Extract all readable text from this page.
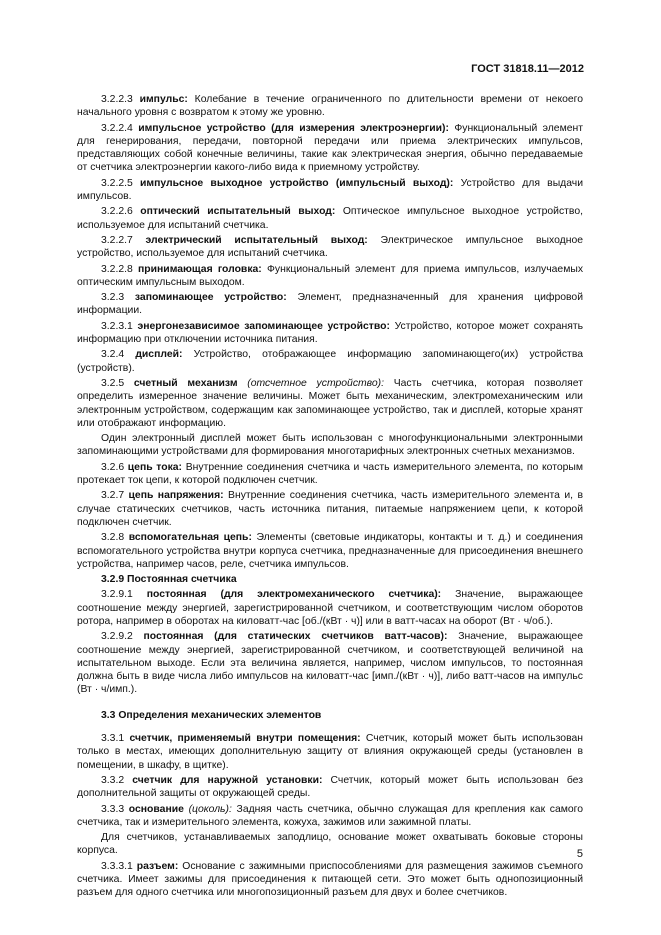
ГОСТ 31818.11—2012

3.2.2.3 импульс: Колебание в течение ограниченного по длительности времени от некоего начального уровня с возвратом к этому же уровню.

3.2.2.4 импульсное устройство (для измерения электроэнергии): Функциональный элемент для генерирования, передачи, повторной передачи или приема электрических импульсов, представляющих собой конечные величины, такие как электрическая энергия, обычно передаваемые от счетчика электроэнергии какого-либо вида к приемному устройству.

3.2.2.5 импульсное выходное устройство (импульсный выход): Устройство для выдачи импульсов.

3.2.2.6 оптический испытательный выход: Оптическое импульсное выходное устройство, используемое для испытаний счетчика.

3.2.2.7 электрический испытательный выход: Электрическое импульсное выходное устройство, используемое для испытаний счетчика.

3.2.2.8 принимающая головка: Функциональный элемент для приема импульсов, излучаемых оптическим импульсным выходом.

3.2.3 запоминающее устройство: Элемент, предназначенный для хранения цифровой информации.

3.2.3.1 энергонезависимое запоминающее устройство: Устройство, которое может сохранять информацию при отключении источника питания.

3.2.4 дисплей: Устройство, отображающее информацию запоминающего(их) устройства (устройств).

3.2.5 счетный механизм (отсчетное устройство): Часть счетчика, которая позволяет определить измеренное значение величины. Может быть механическим, электромеханическим или электронным устройством, содержащим как запоминающее устройство, так и дисплей, которые хранят или отображают информацию.

Один электронный дисплей может быть использован с многофункциональными электронными запоминающими устройствами для формирования многотарифных электронных счетных механизмов.

3.2.6 цепь тока: Внутренние соединения счетчика и часть измерительного элемента, по которым протекает ток цепи, к которой подключен счетчик.

3.2.7 цепь напряжения: Внутренние соединения счетчика, часть измерительного элемента и, в случае статических счетчиков, часть источника питания, питаемые напряжением цепи, к которой подключен счетчик.

3.2.8 вспомогательная цепь: Элементы (световые индикаторы, контакты и т. д.) и соединения вспомогательного устройства внутри корпуса счетчика, предназначенные для присоединения внешнего устройства, например часов, реле, счетчика импульсов.

3.2.9 Постоянная счетчика

3.2.9.1 постоянная (для электромеханического счетчика): Значение, выражающее соотношение между энергией, зарегистрированной счетчиком, и соответствующим числом оборотов ротора, например в оборотах на киловатт-час [об./(кВт · ч)] или в ватт-часах на оборот (Вт · ч/об.).

3.2.9.2 постоянная (для статических счетчиков ватт-часов): Значение, выражающее соотношение между энергией, зарегистрированной счетчиком, и соответствующей величиной на испытательном выходе. Если эта величина является, например, числом импульсов, то постоянная должна быть в виде числа либо импульсов на киловатт-час [имп./(кВт · ч)], либо ватт-часов на импульс (Вт · ч/имп.).

3.3 Определения механических элементов

3.3.1 счетчик, применяемый внутри помещения: Счетчик, который может быть использован только в местах, имеющих дополнительную защиту от влияния окружающей среды (установлен в помещении, в шкафу, в щитке).

3.3.2 счетчик для наружной установки: Счетчик, который может быть использован без дополнительной защиты от окружающей среды.

3.3.3 основание (цоколь): Задняя часть счетчика, обычно служащая для крепления как самого счетчика, так и измерительного элемента, кожуха, зажимов или зажимной платы.

Для счетчиков, устанавливаемых заподлицо, основание может охватывать боковые стороны корпуса.

3.3.3.1 разъем: Основание с зажимными приспособлениями для размещения зажимов съемного счетчика. Имеет зажимы для присоединения к питающей сети. Это может быть однопозиционный разъем для одного счетчика или многопозиционный разъем для двух и более счетчиков.

5
